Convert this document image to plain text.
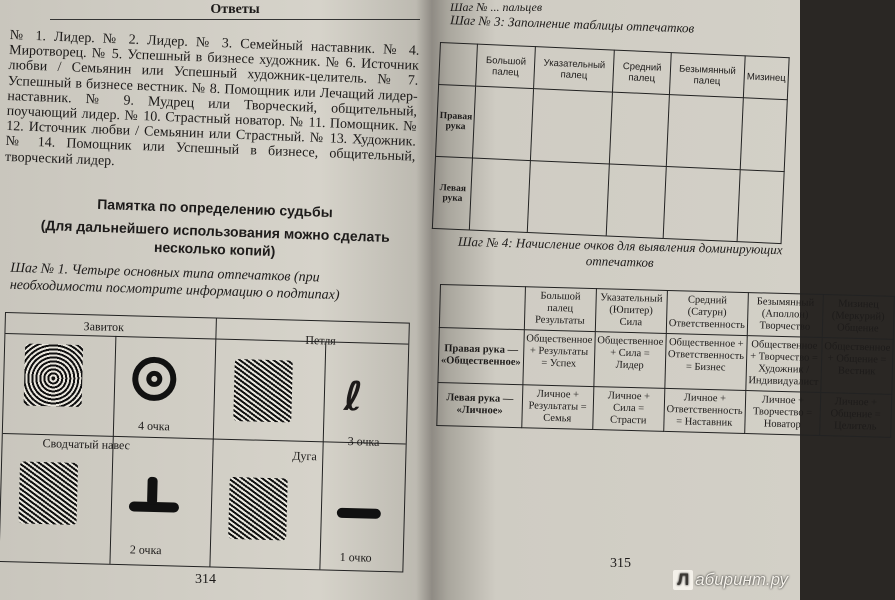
Ответы
№ 1. Лидер. № 2. Лидер. № 3. Семейный наставник. № 4. Миротворец. № 5. Успешный в бизнесе художник. № 6. Источник любви / Семьянин или Успешный художник-целитель. № 7. Успешный в бизнесе вестник. № 8. Помощник или Лечащий лидер-наставник. № 9. Мудрец или Творческий, общительный, поучающий лидер. № 10. Страстный новатор. № 11. Помощник. № 12. Источник любви / Семьянин или Страстный. № 13. Художник. № 14. Помощник или Успешный в бизнесе, общительный, творческий лидер.
Памятка по определению судьбы
(Для дальнейшего использования можно сделать несколько копий)
Шаг № 1. Четыре основных типа отпечатков (при необходимости посмотрите информацию о подтипах)
Завиток
Петля
4 очка
ℓ
3 очка
Сводчатый навес
Дуга
2 очка
1 очко
314
Шаг № ... пальцев
Шаг № 3: Заполнение таблицы отпечатков
	Большой палец	Указательный палец	Средний палец	Безымянный палец	Мизинец
Правая рука					
Левая рука					
Шаг № 4: Начисление очков для выявления доминирующих отпечатков
	Большой палец Результаты	Указательный (Юпитер) Сила	Средний (Сатурн) Ответственность	Безымянный (Аполлон) Творчество	Мизинец (Меркурий) Общение
Правая рука — «Общественное»	Общественное + Результаты = Успех	Общественное + Сила = Лидер	Общественное + Ответственность = Бизнес	Общественное + Творчество = Художник / Индивидуалист	Общественное + Общение = Вестник
Левая рука — «Личное»	Личное + Результаты = Семья	Личное + Сила = Страсти	Личное + Ответственность = Наставник	Личное + Творчество = Новатор	Личное + Общение = Целитель
315
Л абиринт.ру
